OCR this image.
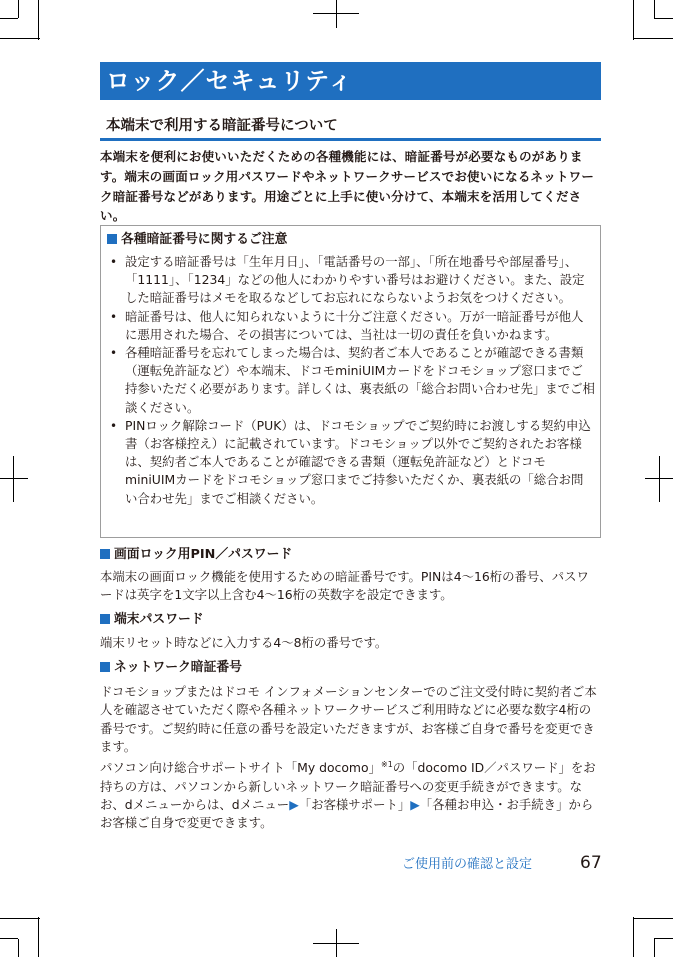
ロック／セキュリティ
本端末で利用する暗証番号について
本端末を便利にお使いいただくための各種機能には、暗証番号が必要なものがあります。端末の画面ロック用パスワードやネットワークサービスでお使いになるネットワーク暗証番号などがあります。用途ごとに上手に使い分けて、本端末を活用してください。
各種暗証番号に関するご注意
• 設定する暗証番号は「生年月日」、「電話番号の一部」、「所在地番号や部屋番号」、「1111」、「1234」などの他人にわかりやすい番号はお避けください。また、設定した暗証番号はメモを取るなどしてお忘れにならないようお気をつけください。
• 暗証番号は、他人に知られないように十分ご注意ください。万が一暗証番号が他人に悪用された場合、その損害については、当社は一切の責任を負いかねます。
• 各種暗証番号を忘れてしまった場合は、契約者ご本人であることが確認できる書類（運転免許証など）や本端末、ドコモminiUIMカードをドコモショップ窓口までご持参いただく必要があります。詳しくは、裏表紙の「総合お問い合わせ先」までご相談ください。
• PINロック解除コード（PUK）は、ドコモショップでご契約時にお渡しする契約申込書（お客様控え）に記載されています。ドコモショップ以外でご契約されたお客様は、契約者ご本人であることが確認できる書類（運転免許証など）とドコモminiUIMカードをドコモショップ窓口までご持参いただくか、裏表紙の「総合お問い合わせ先」までご相談ください。
画面ロック用PIN／パスワード
本端末の画面ロック機能を使用するための暗証番号です。PINは4～16桁の番号、パスワードは英字を1文字以上含む4～16桁の英数字を設定できます。
端末パスワード
端末リセット時などに入力する4～8桁の番号です。
ネットワーク暗証番号
ドコモショップまたはドコモ インフォメーションセンターでのご注文受付時に契約者ご本人を確認させていただく際や各種ネットワークサービスご利用時などに必要な数字4桁の番号です。ご契約時に任意の番号を設定いただきますが、お客様ご自身で番号を変更できます。
パソコン向け総合サポートサイト「My docomo」$^{※1}$の「docomo ID／パスワード」をお持ちの方は、パソコンから新しいネットワーク暗証番号への変更手続きができます。なお、dメニューからは、dメニュー▶「お客様サポート」▶「各種お申込・お手続き」からお客様ご自身で変更できます。
ご使用前の確認と設定	67
